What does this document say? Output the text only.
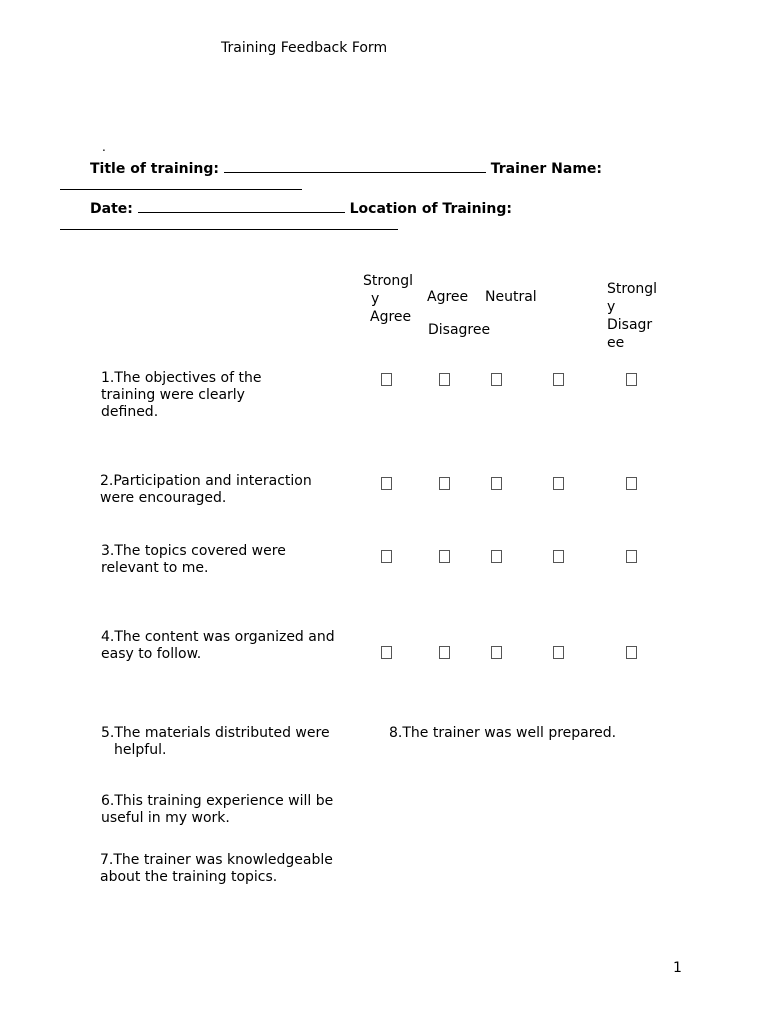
Training Feedback Form
.
Title of training:	Trainer Name:
Date:	Location of Training:
Strongl
y
Agree
Agree Neutral
Disagree
Strongl
y
Disagr
ee
1.The objectives of the
training were clearly
defined.
2.Participation and interaction
were encouraged.
3.The topics covered were
relevant to me.
4.The content was organized and
easy to follow.
5.The materials distributed were
helpful.
8.The trainer was well prepared.
6.This training experience will be
useful in my work.
7.The trainer was knowledgeable
about the training topics.
1
